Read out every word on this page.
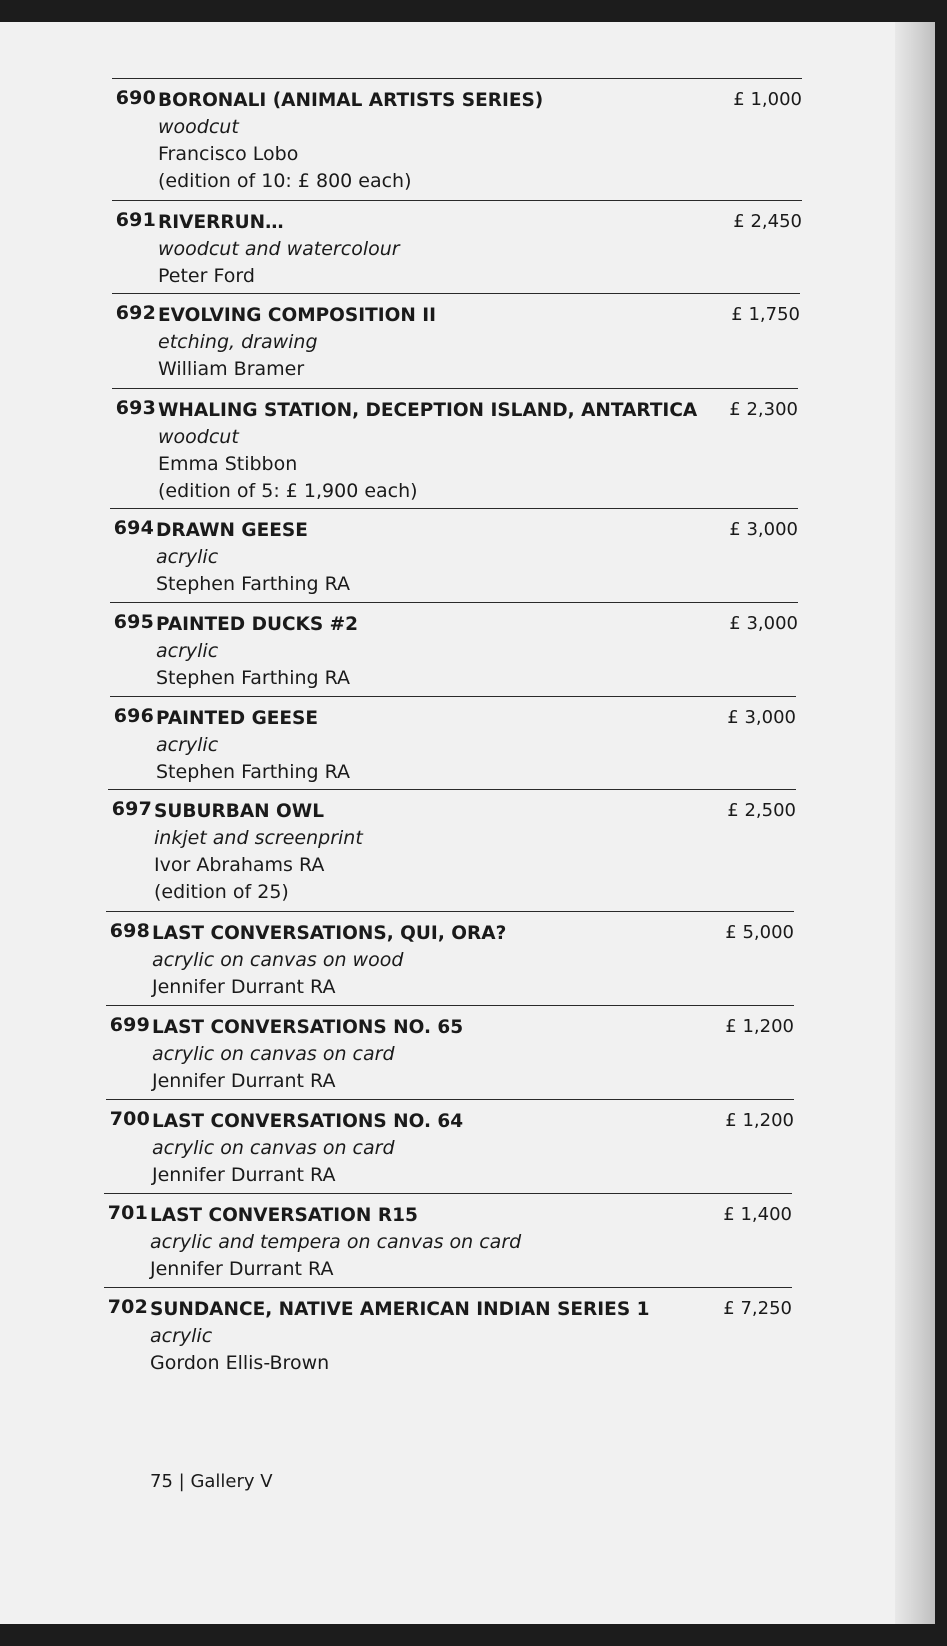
690 BORONALI (ANIMAL ARTISTS SERIES)
woodcut
Francisco Lobo
(edition of 10: £ 800 each)
£ 1,000
691 RIVERRUN…
woodcut and watercolour
Peter Ford
£ 2,450
692 EVOLVING COMPOSITION II
etching, drawing
William Bramer
£ 1,750
693 WHALING STATION, DECEPTION ISLAND, ANTARTICA
woodcut
Emma Stibbon
(edition of 5: £ 1,900 each)
£ 2,300
694 DRAWN GEESE
acrylic
Stephen Farthing RA
£ 3,000
695 PAINTED DUCKS #2
acrylic
Stephen Farthing RA
£ 3,000
696 PAINTED GEESE
acrylic
Stephen Farthing RA
£ 3,000
697 SUBURBAN OWL
inkjet and screenprint
Ivor Abrahams RA
(edition of 25)
£ 2,500
698 LAST CONVERSATIONS, QUI, ORA?
acrylic on canvas on wood
Jennifer Durrant RA
£ 5,000
699 LAST CONVERSATIONS NO. 65
acrylic on canvas on card
Jennifer Durrant RA
£ 1,200
700 LAST CONVERSATIONS NO. 64
acrylic on canvas on card
Jennifer Durrant RA
£ 1,200
701 LAST CONVERSATION R15
acrylic and tempera on canvas on card
Jennifer Durrant RA
£ 1,400
702 SUNDANCE, NATIVE AMERICAN INDIAN SERIES 1
acrylic
Gordon Ellis-Brown
£ 7,250
75 | Gallery V
